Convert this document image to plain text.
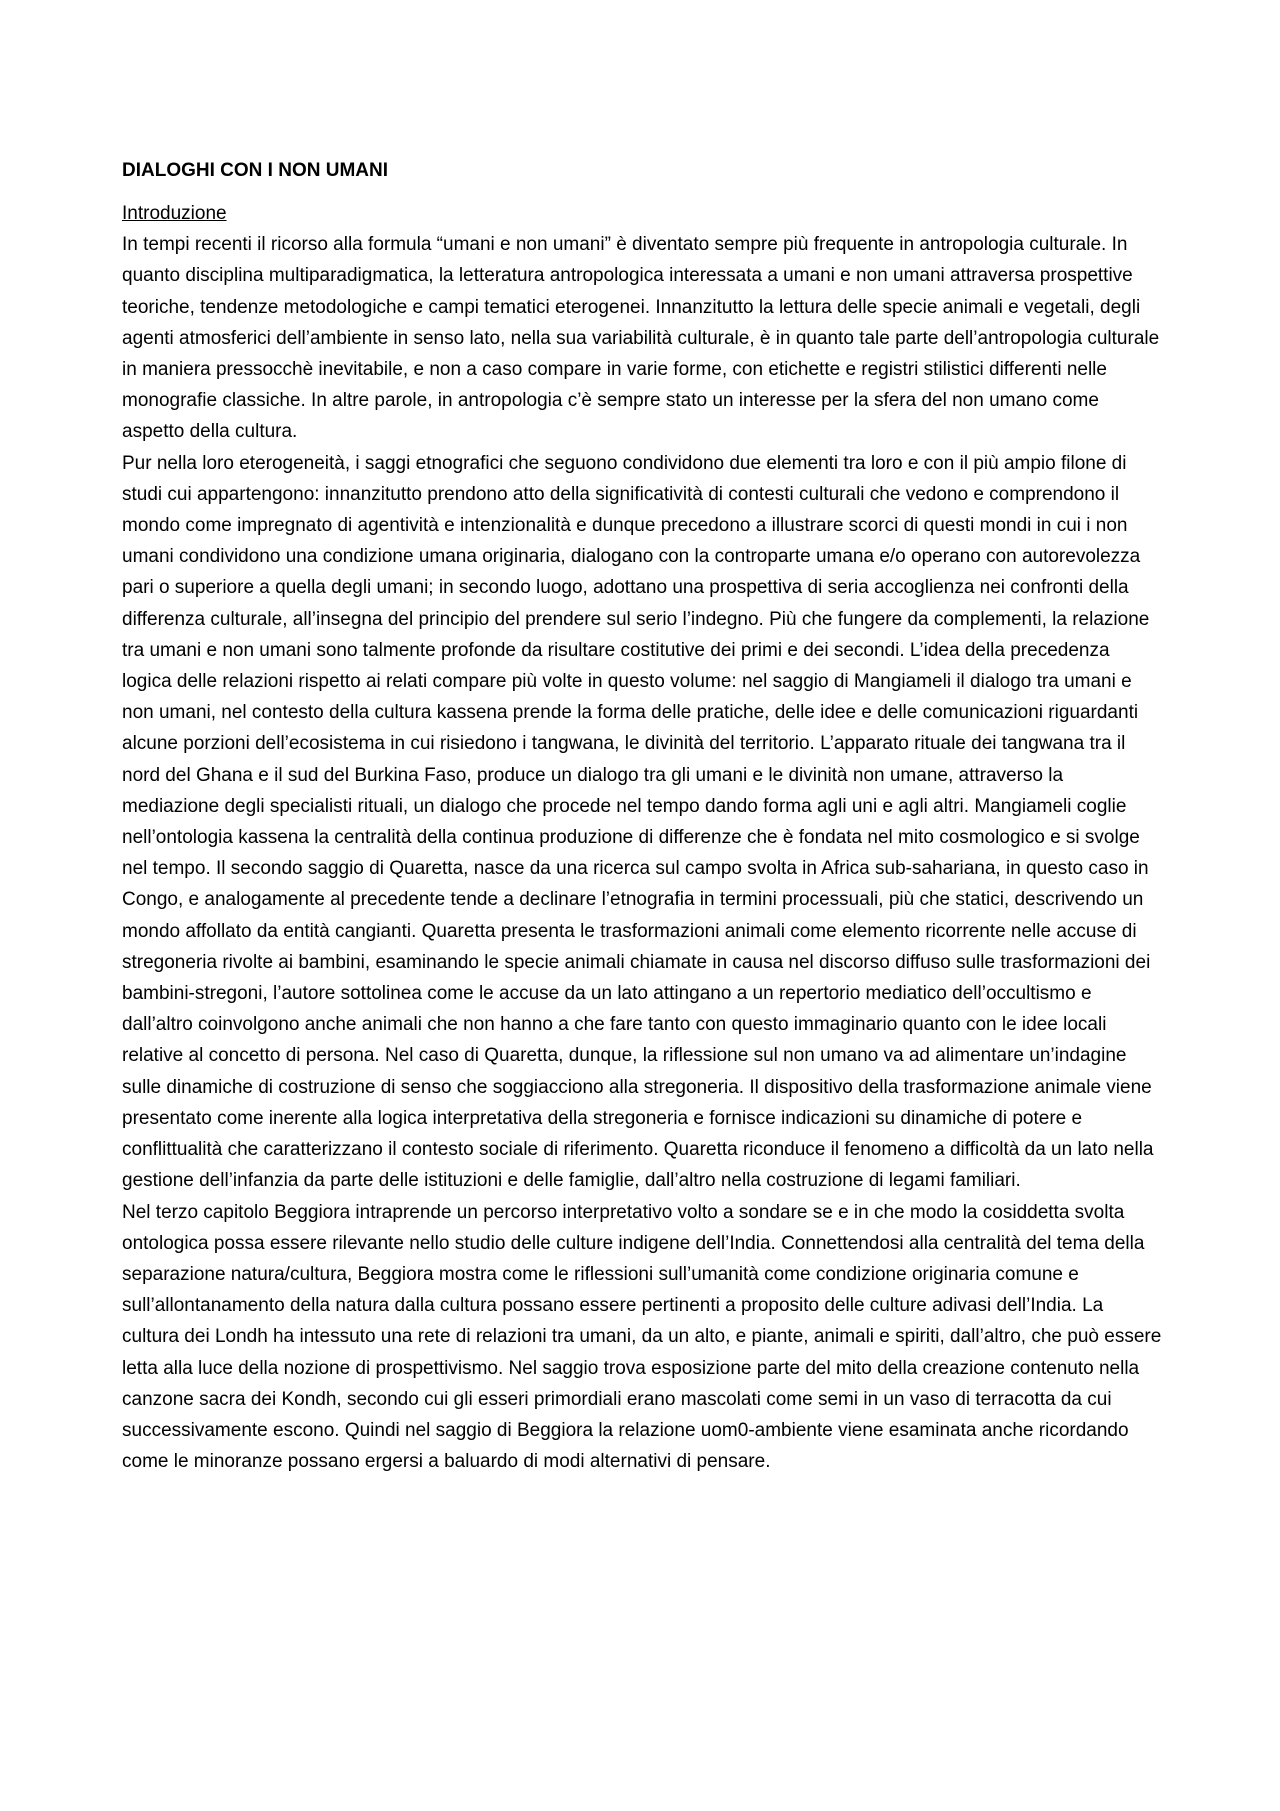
DIALOGHI CON I NON UMANI
Introduzione

In tempi recenti il ricorso alla formula “umani e non umani” è diventato sempre più frequente in antropologia culturale. In quanto disciplina multiparadigmatica, la letteratura antropologica interessata a umani e non umani attraversa prospettive teoriche, tendenze metodologiche e campi tematici eterogenei. Innanzitutto la lettura delle specie animali e vegetali, degli agenti atmosferici dell’ambiente in senso lato, nella sua variabilità culturale, è in quanto tale parte dell’antropologia culturale in maniera pressocchè inevitabile, e non a caso compare in varie forme, con etichette e registri stilistici differenti nelle monografie classiche. In altre parole, in antropologia c’è sempre stato un interesse per la sfera del non umano come aspetto della cultura.

Pur nella loro eterogeneità, i saggi etnografici che seguono condividono due elementi tra loro e con il più ampio filone di studi cui appartengono: innanzitutto prendono atto della significatività di contesti culturali che vedono e comprendono il mondo come impregnato di agentività e intenzionalità e dunque precedono a illustrare scorci di questi mondi in cui i non umani condividono una condizione umana originaria, dialogano con la controparte umana e/o operano con autorevolezza pari o superiore a quella degli umani; in secondo luogo, adottano una prospettiva di seria accoglienza nei confronti della differenza culturale, all’insegna del principio del prendere sul serio l’indegno. Più che fungere da complementi, la relazione tra umani e non umani sono talmente profonde da risultare costitutive dei primi e dei secondi. L’idea della precedenza logica delle relazioni rispetto ai relati compare più volte in questo volume: nel saggio di Mangiameli il dialogo tra umani e non umani, nel contesto della cultura kassena prende la forma delle pratiche, delle idee e delle comunicazioni riguardanti alcune porzioni dell’ecosistema in cui risiedono i tangwana, le divinità del territorio. L’apparato rituale dei tangwana tra il nord del Ghana e il sud del Burkina Faso, produce un dialogo tra gli umani e le divinità non umane, attraverso la mediazione degli specialisti rituali, un dialogo che procede nel tempo dando forma agli uni e agli altri. Mangiameli coglie nell’ontologia kassena la centralità della continua produzione di differenze che è fondata nel mito cosmologico e si svolge nel tempo. Il secondo saggio di Quaretta, nasce da una ricerca sul campo svolta in Africa sub-sahariana, in questo caso in Congo, e analogamente al precedente tende a declinare l’etnografia in termini processuali, più che statici, descrivendo un mondo affollato da entità cangianti. Quaretta presenta le trasformazioni animali come elemento ricorrente nelle accuse di stregoneria rivolte ai bambini, esaminando le specie animali chiamate in causa nel discorso diffuso sulle trasformazioni dei bambini-stregoni, l’autore sottolinea come le accuse da un lato attingano a un repertorio mediatico dell’occultismo e dall’altro coinvolgono anche animali che non hanno a che fare tanto con questo immaginario quanto con le idee locali relative al concetto di persona. Nel caso di Quaretta, dunque, la riflessione sul non umano va ad alimentare un’indagine sulle dinamiche di costruzione di senso che soggiacciono alla stregoneria. Il dispositivo della trasformazione animale viene presentato come inerente alla logica interpretativa della stregoneria e fornisce indicazioni su dinamiche di potere e conflittualità che caratterizzano il contesto sociale di riferimento. Quaretta riconduce il fenomeno a difficoltà da un lato nella gestione dell’infanzia da parte delle istituzioni e delle famiglie, dall’altro nella costruzione di legami familiari.

Nel terzo capitolo Beggiora intraprende un percorso interpretativo volto a sondare se e in che modo la cosiddetta svolta ontologica possa essere rilevante nello studio delle culture indigene dell’India. Connettendosi alla centralità del tema della separazione natura/cultura, Beggiora mostra come le riflessioni sull’umanità come condizione originaria comune e sull’allontanamento della natura dalla cultura possano essere pertinenti a proposito delle culture adivasi dell’India. La cultura dei Londh ha intessuto una rete di relazioni tra umani, da un alto, e piante, animali e spiriti, dall’altro, che può essere letta alla luce della nozione di prospettivismo. Nel saggio trova esposizione parte del mito della creazione contenuto nella canzone sacra dei Kondh, secondo cui gli esseri primordiali erano mascolati come semi in un vaso di terracotta da cui successivamente escono. Quindi nel saggio di Beggiora la relazione uom0-ambiente viene esaminata anche ricordando come le minoranze possano ergersi a baluardo di modi alternativi di pensare.
